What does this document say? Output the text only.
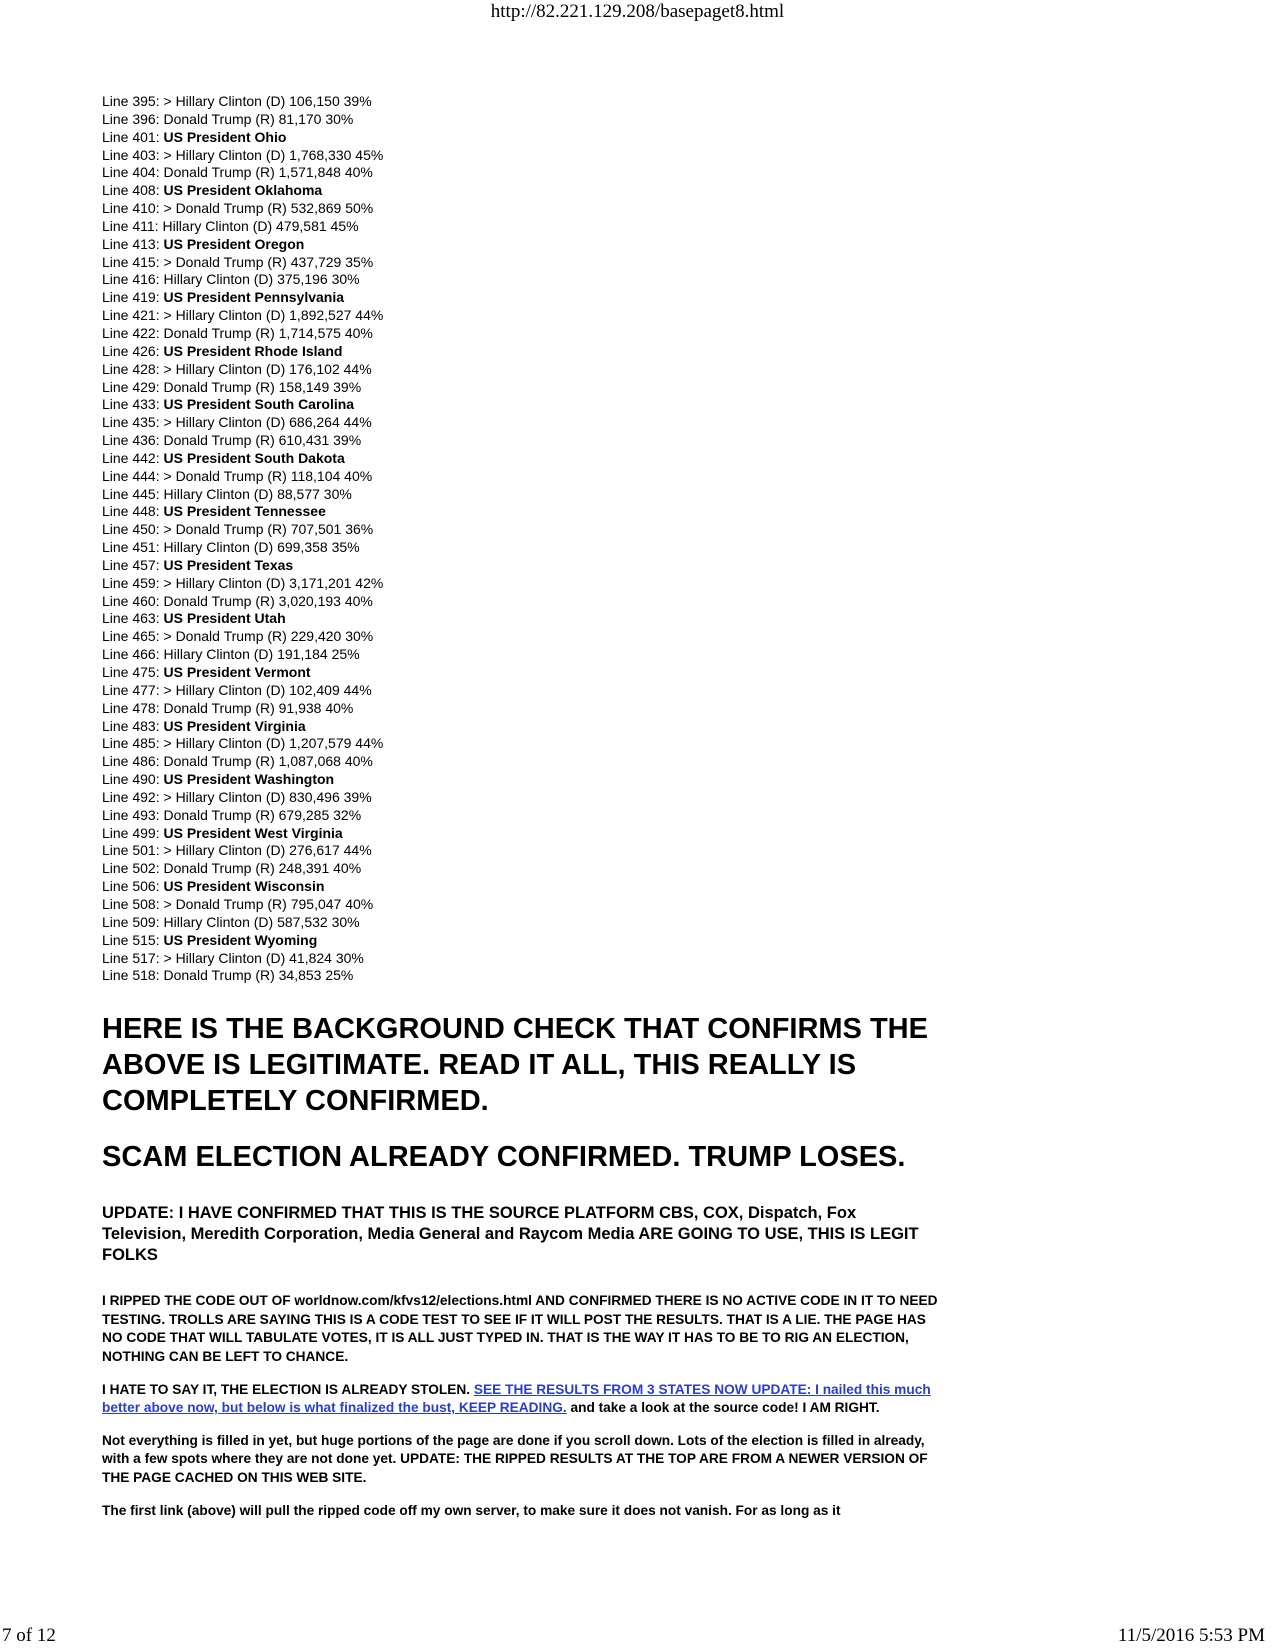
http://82.221.129.208/basepaget8.html
Line 395: > Hillary Clinton (D) 106,150 39%
Line 396: Donald Trump (R) 81,170 30%
Line 401: US President Ohio
Line 403: > Hillary Clinton (D) 1,768,330 45%
Line 404: Donald Trump (R) 1,571,848 40%
Line 408: US President Oklahoma
Line 410: > Donald Trump (R) 532,869 50%
Line 411: Hillary Clinton (D) 479,581 45%
Line 413: US President Oregon
Line 415: > Donald Trump (R) 437,729 35%
Line 416: Hillary Clinton (D) 375,196 30%
Line 419: US President Pennsylvania
Line 421: > Hillary Clinton (D) 1,892,527 44%
Line 422: Donald Trump (R) 1,714,575 40%
Line 426: US President Rhode Island
Line 428: > Hillary Clinton (D) 176,102 44%
Line 429: Donald Trump (R) 158,149 39%
Line 433: US President South Carolina
Line 435: > Hillary Clinton (D) 686,264 44%
Line 436: Donald Trump (R) 610,431 39%
Line 442: US President South Dakota
Line 444: > Donald Trump (R) 118,104 40%
Line 445: Hillary Clinton (D) 88,577 30%
Line 448: US President Tennessee
Line 450: > Donald Trump (R) 707,501 36%
Line 451: Hillary Clinton (D) 699,358 35%
Line 457: US President Texas
Line 459: > Hillary Clinton (D) 3,171,201 42%
Line 460: Donald Trump (R) 3,020,193 40%
Line 463: US President Utah
Line 465: > Donald Trump (R) 229,420 30%
Line 466: Hillary Clinton (D) 191,184 25%
Line 475: US President Vermont
Line 477: > Hillary Clinton (D) 102,409 44%
Line 478: Donald Trump (R) 91,938 40%
Line 483: US President Virginia
Line 485: > Hillary Clinton (D) 1,207,579 44%
Line 486: Donald Trump (R) 1,087,068 40%
Line 490: US President Washington
Line 492: > Hillary Clinton (D) 830,496 39%
Line 493: Donald Trump (R) 679,285 32%
Line 499: US President West Virginia
Line 501: > Hillary Clinton (D) 276,617 44%
Line 502: Donald Trump (R) 248,391 40%
Line 506: US President Wisconsin
Line 508: > Donald Trump (R) 795,047 40%
Line 509: Hillary Clinton (D) 587,532 30%
Line 515: US President Wyoming
Line 517: > Hillary Clinton (D) 41,824 30%
Line 518: Donald Trump (R) 34,853 25%
HERE IS THE BACKGROUND CHECK THAT CONFIRMS THE ABOVE IS LEGITIMATE. READ IT ALL, THIS REALLY IS COMPLETELY CONFIRMED.
SCAM ELECTION ALREADY CONFIRMED. TRUMP LOSES.
UPDATE: I HAVE CONFIRMED THAT THIS IS THE SOURCE PLATFORM CBS, COX, Dispatch, Fox Television, Meredith Corporation, Media General and Raycom Media ARE GOING TO USE, THIS IS LEGIT FOLKS

I RIPPED THE CODE OUT OF worldnow.com/kfvs12/elections.html AND CONFIRMED THERE IS NO ACTIVE CODE IN IT TO NEED TESTING. TROLLS ARE SAYING THIS IS A CODE TEST TO SEE IF IT WILL POST THE RESULTS. THAT IS A LIE. THE PAGE HAS NO CODE THAT WILL TABULATE VOTES, IT IS ALL JUST TYPED IN. THAT IS THE WAY IT HAS TO BE TO RIG AN ELECTION, NOTHING CAN BE LEFT TO CHANCE.

I HATE TO SAY IT, THE ELECTION IS ALREADY STOLEN. SEE THE RESULTS FROM 3 STATES NOW UPDATE: I nailed this much better above now, but below is what finalized the bust, KEEP READING. and take a look at the source code! I AM RIGHT.

Not everything is filled in yet, but huge portions of the page are done if you scroll down. Lots of the election is filled in already, with a few spots where they are not done yet. UPDATE: THE RIPPED RESULTS AT THE TOP ARE FROM A NEWER VERSION OF THE PAGE CACHED ON THIS WEB SITE.

The first link (above) will pull the ripped code off my own server, to make sure it does not vanish. For as long as it

7 of 12	11/5/2016 5:53 PM
